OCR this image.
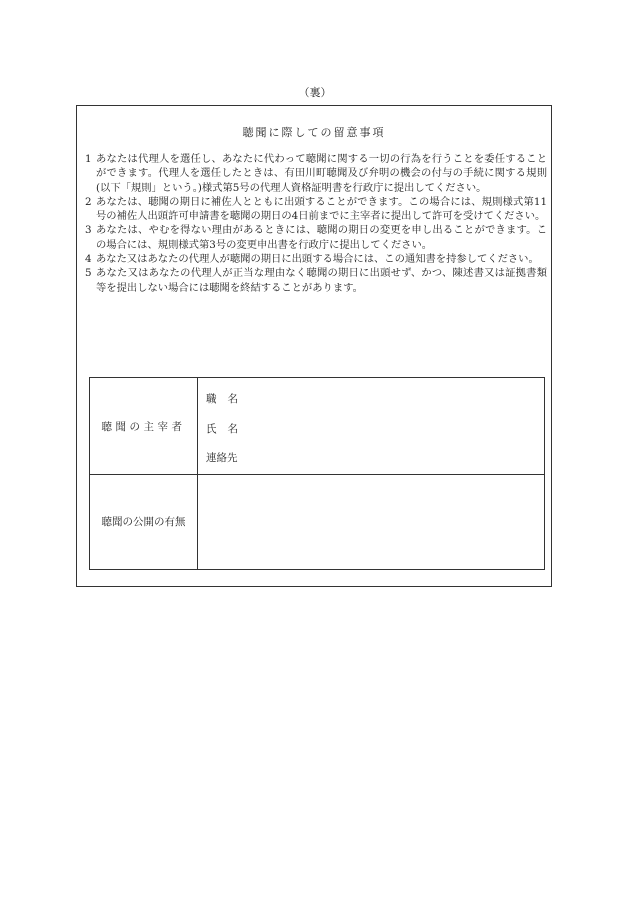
（裏）
聴聞に際しての留意事項
1 あなたは代理人を選任し、あなたに代わって聴聞に関する一切の行為を行うことを委任することができます。代理人を選任したときは、有田川町聴聞及び弁明の機会の付与の手続に関する規則(以下「規則」という。)様式第5号の代理人資格証明書を行政庁に提出してください。
2 あなたは、聴聞の期日に補佐人とともに出頭することができます。この場合には、規則様式第11号の補佐人出頭許可申請書を聴聞の期日の4日前までに主宰者に提出して許可を受けてください。
3 あなたは、やむを得ない理由があるときには、聴聞の期日の変更を申し出ることができます。この場合には、規則様式第3号の変更申出書を行政庁に提出してください。
4 あなた又はあなたの代理人が聴聞の期日に出頭する場合には、この通知書を持参してください。
5 あなた又はあなたの代理人が正当な理由なく聴聞の期日に出頭せず、かつ、陳述書又は証拠書類等を提出しない場合には聴聞を終結することがあります。
聴聞の主宰者
職名
氏名
連絡先
聴聞の公開の有無
